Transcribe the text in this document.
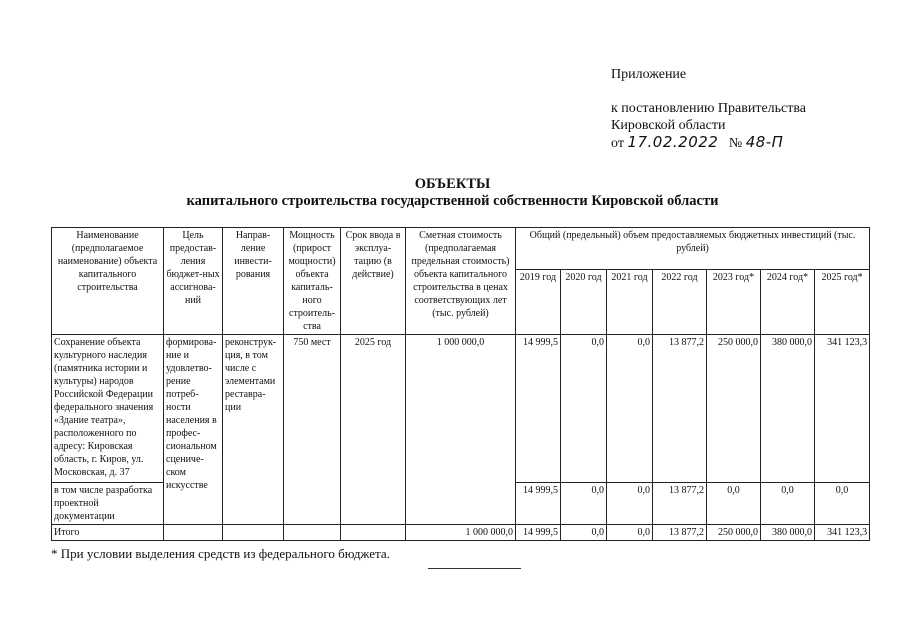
Приложение
к постановлению Правительства
Кировской области
от 17.02.2022 № 48-П
ОБЪЕКТЫ
капитального строительства государственной собственности Кировской области
Наименование (предполагаемое наименование) объекта капитального строительства	Цель предостав-ления бюджет-ных ассигнова-ний	Направ-ление инвести-рования	Мощность (прирост мощности) объекта капиталь-ного строитель-ства	Срок ввода в эксплуа-тацию (в действие)	Сметная стоимость (предполагаемая предельная стоимость) объекта капитального строительства в ценах соответствующих лет (тыс. рублей)	Общий (предельный) объем предоставляемых бюджетных инвестиций (тыс. рублей)						
						2019 год	2020 год	2021 год	2022 год	2023 год*	2024 год*	2025 год*
Сохранение объекта культурного наследия (памятника истории и культуры) народов Российской Федерации федерального значения «Здание театра», расположенного по адресу: Кировская область, г. Киров, ул. Московская, д. 37	формирова-ние и удовлетво-рение потреб-ности населения в профес-сиональном сцениче-ском искусстве	реконструк-ция, в том числе с элементами реставра-ции	750 мест	2025 год	1 000 000,0	14 999,5	0,0	0,0	13 877,2	250 000,0	380 000,0	341 123,3
в том числе разработка проектной документации						14 999,5	0,0	0,0	13 877,2	0,0	0,0	0,0
Итого					1 000 000,0	14 999,5	0,0	0,0	13 877,2	250 000,0	380 000,0	341 123,3
* При условии выделения средств из федерального бюджета.
